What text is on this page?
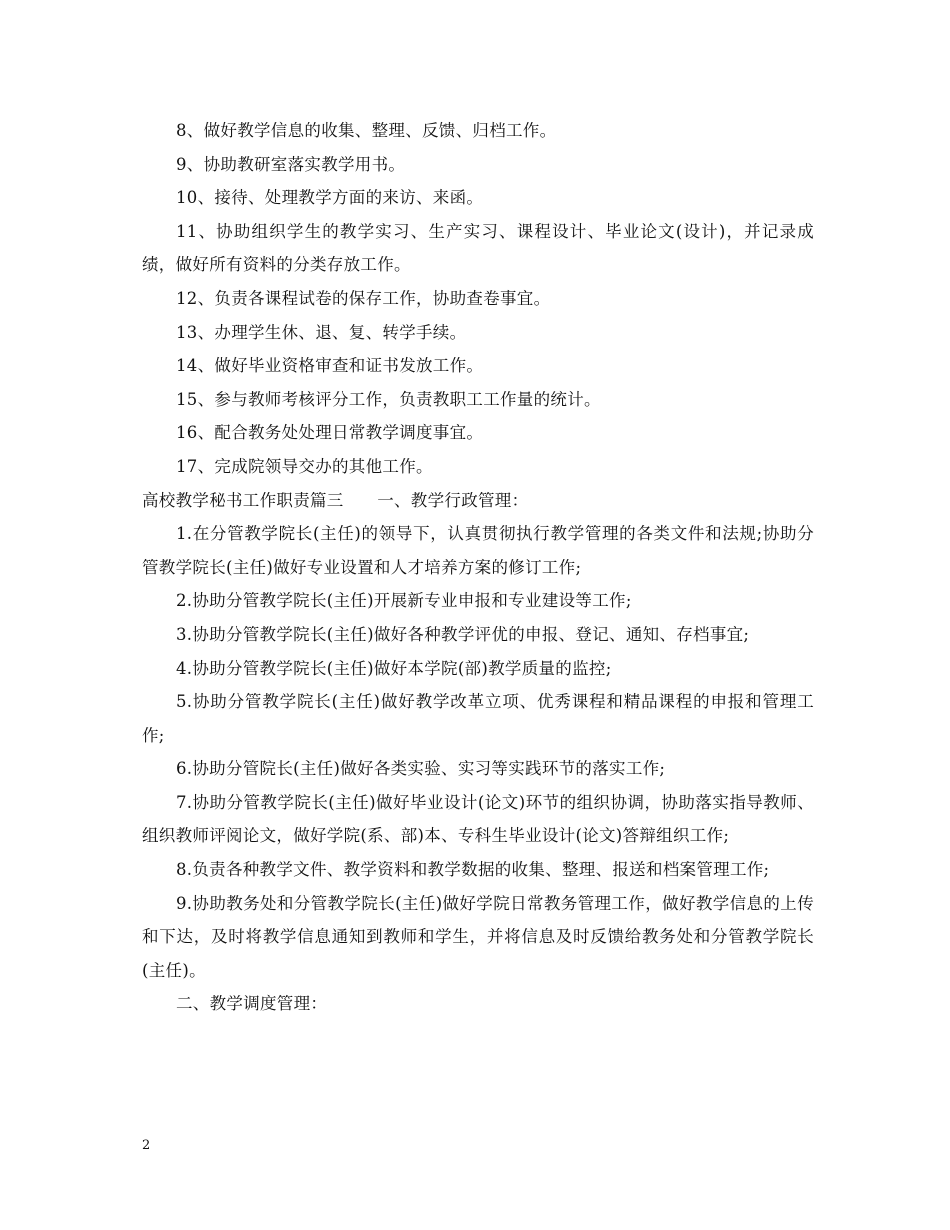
8、做好教学信息的收集、整理、反馈、归档工作。

9、协助教研室落实教学用书。

10、接待、处理教学方面的来访、来函。

11、协助组织学生的教学实习、生产实习、课程设计、毕业论文(设计)，并记录成绩，做好所有资料的分类存放工作。

12、负责各课程试卷的保存工作，协助查卷事宜。

13、办理学生休、退、复、转学手续。

14、做好毕业资格审查和证书发放工作。

15、参与教师考核评分工作，负责教职工工作量的统计。

16、配合教务处处理日常教学调度事宜。

17、完成院领导交办的其他工作。

高校教学秘书工作职责篇三　　一、教学行政管理：

1.在分管教学院长(主任)的领导下，认真贯彻执行教学管理的各类文件和法规;协助分管教学院长(主任)做好专业设置和人才培养方案的修订工作;

2.协助分管教学院长(主任)开展新专业申报和专业建设等工作;

3.协助分管教学院长(主任)做好各种教学评优的申报、登记、通知、存档事宜;

4.协助分管教学院长(主任)做好本学院(部)教学质量的监控;

5.协助分管教学院长(主任)做好教学改革立项、优秀课程和精品课程的申报和管理工作;

6.协助分管院长(主任)做好各类实验、实习等实践环节的落实工作;

7.协助分管教学院长(主任)做好毕业设计(论文)环节的组织协调，协助落实指导教师、组织教师评阅论文，做好学院(系、部)本、专科生毕业设计(论文)答辩组织工作;

8.负责各种教学文件、教学资料和教学数据的收集、整理、报送和档案管理工作;

9.协助教务处和分管教学院长(主任)做好学院日常教务管理工作，做好教学信息的上传和下达，及时将教学信息通知到教师和学生，并将信息及时反馈给教务处和分管教学院长(主任)。

二、教学调度管理：

2
